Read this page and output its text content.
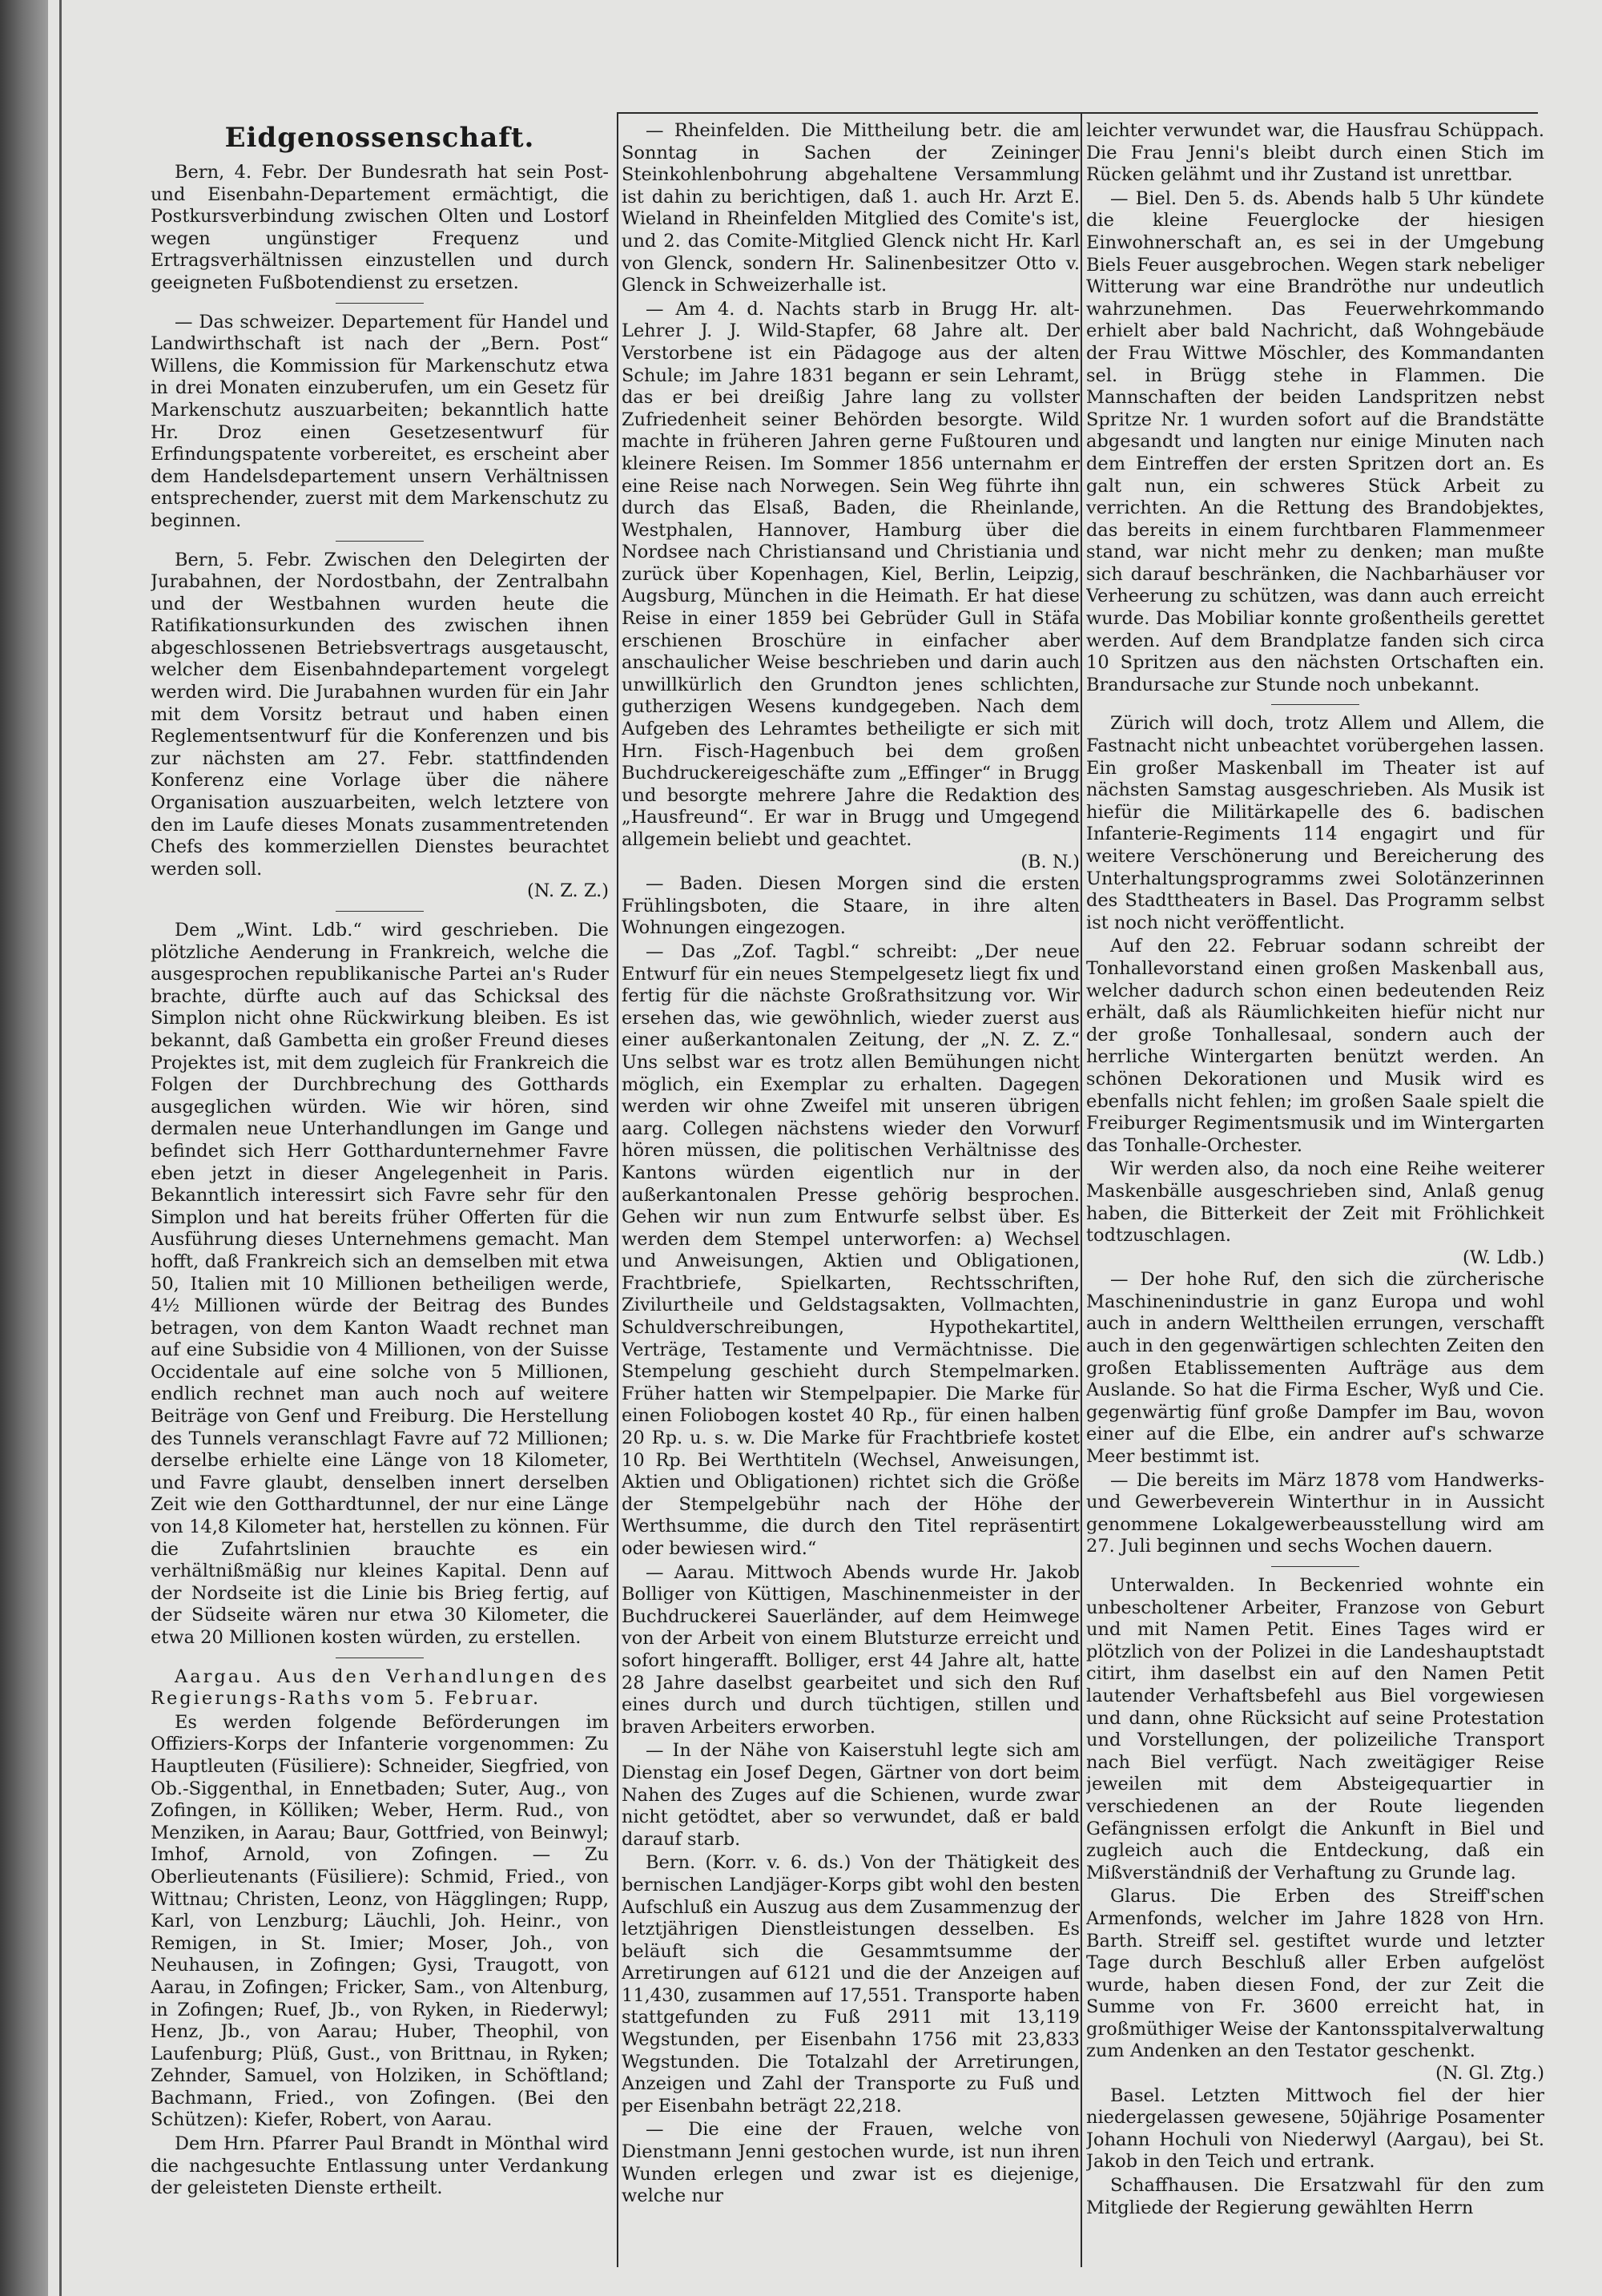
Eidgenossenschaft.

Bern, 4. Febr. Der Bundesrath hat sein Post- und Eisenbahn-Departement ermächtigt, die Postkursverbindung zwischen Olten und Lostorf wegen ungünstiger Frequenz und Ertragsverhältnissen einzustellen und durch geeigneten Fußbotendienst zu ersetzen.

— Das schweizer. Departement für Handel und Landwirthschaft ist nach der „Bern. Post“ Willens, die Kommission für Markenschutz etwa in drei Monaten einzuberufen, um ein Gesetz für Markenschutz auszuarbeiten; bekanntlich hatte Hr. Droz einen Gesetzesentwurf für Erfindungspatente vorbereitet, es erscheint aber dem Handelsdepartement unsern Verhältnissen entsprechender, zuerst mit dem Markenschutz zu beginnen.

Bern, 5. Febr. Zwischen den Delegirten der Jurabahnen, der Nordostbahn, der Zentralbahn und der Westbahnen wurden heute die Ratifikationsurkunden des zwischen ihnen abgeschlossenen Betriebsvertrags ausgetauscht, welcher dem Eisenbahndepartement vorgelegt werden wird. Die Jurabahnen wurden für ein Jahr mit dem Vorsitz betraut und haben einen Reglementsentwurf für die Konferenzen und bis zur nächsten am 27. Febr. stattfindenden Konferenz eine Vorlage über die nähere Organisation auszuarbeiten, welch letztere von den im Laufe dieses Monats zusammentretenden Chefs des kommerziellen Dienstes beurachtet werden soll.

(N. Z. Z.)

Dem „Wint. Ldb.“ wird geschrieben. Die plötzliche Aenderung in Frankreich, welche die ausgesprochen republikanische Partei an's Ruder brachte, dürfte auch auf das Schicksal des Simplon nicht ohne Rückwirkung bleiben. Es ist bekannt, daß Gambetta ein großer Freund dieses Projektes ist, mit dem zugleich für Frankreich die Folgen der Durchbrechung des Gotthards ausgeglichen würden. Wie wir hören, sind dermalen neue Unterhandlungen im Gange und befindet sich Herr Gotthardunternehmer Favre eben jetzt in dieser Angelegenheit in Paris. Bekanntlich interessirt sich Favre sehr für den Simplon und hat bereits früher Offerten für die Ausführung dieses Unternehmens gemacht. Man hofft, daß Frankreich sich an demselben mit etwa 50, Italien mit 10 Millionen betheiligen werde, 4½ Millionen würde der Beitrag des Bundes betragen, von dem Kanton Waadt rechnet man auf eine Subsidie von 4 Millionen, von der Suisse Occidentale auf eine solche von 5 Millionen, endlich rechnet man auch noch auf weitere Beiträge von Genf und Freiburg. Die Herstellung des Tunnels veranschlagt Favre auf 72 Millionen; derselbe erhielte eine Länge von 18 Kilometer, und Favre glaubt, denselben innert derselben Zeit wie den Gotthardtunnel, der nur eine Länge von 14,8 Kilometer hat, herstellen zu können. Für die Zufahrtslinien brauchte es ein verhältnißmäßig nur kleines Kapital. Denn auf der Nordseite ist die Linie bis Brieg fertig, auf der Südseite wären nur etwa 30 Kilometer, die etwa 20 Millionen kosten würden, zu erstellen.

Aargau. Aus den Verhandlungen des Regierungs-Raths vom 5. Februar.

Es werden folgende Beförderungen im Offiziers-Korps der Infanterie vorgenommen: Zu Hauptleuten (Füsiliere): Schneider, Siegfried, von Ob.-Siggenthal, in Ennetbaden; Suter, Aug., von Zofingen, in Kölliken; Weber, Herm. Rud., von Menziken, in Aarau; Baur, Gottfried, von Beinwyl; Imhof, Arnold, von Zofingen. — Zu Oberlieutenants (Füsiliere): Schmid, Fried., von Wittnau; Christen, Leonz, von Hägglingen; Rupp, Karl, von Lenzburg; Läuchli, Joh. Heinr., von Remigen, in St. Imier; Moser, Joh., von Neuhausen, in Zofingen; Gysi, Traugott, von Aarau, in Zofingen; Fricker, Sam., von Altenburg, in Zofingen; Ruef, Jb., von Ryken, in Riederwyl; Henz, Jb., von Aarau; Huber, Theophil, von Laufenburg; Plüß, Gust., von Brittnau, in Ryken; Zehnder, Samuel, von Holziken, in Schöftland; Bachmann, Fried., von Zofingen. (Bei den Schützen): Kiefer, Robert, von Aarau.

Dem Hrn. Pfarrer Paul Brandt in Mönthal wird die nachgesuchte Entlassung unter Verdankung der geleisteten Dienste ertheilt.

— Rheinfelden. Die Mittheilung betr. die am Sonntag in Sachen der Zeininger Steinkohlenbohrung abgehaltene Versammlung ist dahin zu berichtigen, daß 1. auch Hr. Arzt E. Wieland in Rheinfelden Mitglied des Comite's ist, und 2. das Comite-Mitglied Glenck nicht Hr. Karl von Glenck, sondern Hr. Salinenbesitzer Otto v. Glenck in Schweizerhalle ist.

— Am 4. d. Nachts starb in Brugg Hr. alt-Lehrer J. J. Wild-Stapfer, 68 Jahre alt. Der Verstorbene ist ein Pädagoge aus der alten Schule; im Jahre 1831 begann er sein Lehramt, das er bei dreißig Jahre lang zu vollster Zufriedenheit seiner Behörden besorgte. Wild machte in früheren Jahren gerne Fußtouren und kleinere Reisen. Im Sommer 1856 unternahm er eine Reise nach Norwegen. Sein Weg führte ihn durch das Elsaß, Baden, die Rheinlande, Westphalen, Hannover, Hamburg über die Nordsee nach Christiansand und Christiania und zurück über Kopenhagen, Kiel, Berlin, Leipzig, Augsburg, München in die Heimath. Er hat diese Reise in einer 1859 bei Gebrüder Gull in Stäfa erschienen Broschüre in einfacher aber anschaulicher Weise beschrieben und darin auch unwillkürlich den Grundton jenes schlichten, gutherzigen Wesens kundgegeben. Nach dem Aufgeben des Lehramtes betheiligte er sich mit Hrn. Fisch-Hagenbuch bei dem großen Buchdruckereigeschäfte zum „Effinger“ in Brugg und besorgte mehrere Jahre die Redaktion des „Hausfreund“. Er war in Brugg und Umgegend allgemein beliebt und geachtet.

(B. N.)

— Baden. Diesen Morgen sind die ersten Frühlingsboten, die Staare, in ihre alten Wohnungen eingezogen.

— Das „Zof. Tagbl.“ schreibt: „Der neue Entwurf für ein neues Stempelgesetz liegt fix und fertig für die nächste Großrathsitzung vor. Wir ersehen das, wie gewöhnlich, wieder zuerst aus einer außerkantonalen Zeitung, der „N. Z. Z.“ Uns selbst war es trotz allen Bemühungen nicht möglich, ein Exemplar zu erhalten. Dagegen werden wir ohne Zweifel mit unseren übrigen aarg. Collegen nächstens wieder den Vorwurf hören müssen, die politischen Verhältnisse des Kantons würden eigentlich nur in der außerkantonalen Presse gehörig besprochen. Gehen wir nun zum Entwurfe selbst über. Es werden dem Stempel unterworfen: a) Wechsel und Anweisungen, Aktien und Obligationen, Frachtbriefe, Spielkarten, Rechtsschriften, Zivilurtheile und Geldstagsakten, Vollmachten, Schuldverschreibungen, Hypothekartitel, Verträge, Testamente und Vermächtnisse. Die Stempelung geschieht durch Stempelmarken. Früher hatten wir Stempelpapier. Die Marke für einen Foliobogen kostet 40 Rp., für einen halben 20 Rp. u. s. w. Die Marke für Frachtbriefe kostet 10 Rp. Bei Werthtiteln (Wechsel, Anweisungen, Aktien und Obligationen) richtet sich die Größe der Stempelgebühr nach der Höhe der Werthsumme, die durch den Titel repräsentirt oder bewiesen wird.“

— Aarau. Mittwoch Abends wurde Hr. Jakob Bolliger von Küttigen, Maschinenmeister in der Buchdruckerei Sauerländer, auf dem Heimwege von der Arbeit von einem Blutsturze erreicht und sofort hingerafft. Bolliger, erst 44 Jahre alt, hatte 28 Jahre daselbst gearbeitet und sich den Ruf eines durch und durch tüchtigen, stillen und braven Arbeiters erworben.

— In der Nähe von Kaiserstuhl legte sich am Dienstag ein Josef Degen, Gärtner von dort beim Nahen des Zuges auf die Schienen, wurde zwar nicht getödtet, aber so verwundet, daß er bald darauf starb.

Bern. (Korr. v. 6. ds.) Von der Thätigkeit des bernischen Landjäger-Korps gibt wohl den besten Aufschluß ein Auszug aus dem Zusammenzug der letztjährigen Dienstleistungen desselben. Es beläuft sich die Gesammtsumme der Arretirungen auf 6121 und die der Anzeigen auf 11,430, zusammen auf 17,551. Transporte haben stattgefunden zu Fuß 2911 mit 13,119 Wegstunden, per Eisenbahn 1756 mit 23,833 Wegstunden. Die Totalzahl der Arretirungen, Anzeigen und Zahl der Transporte zu Fuß und per Eisenbahn beträgt 22,218.

— Die eine der Frauen, welche von Dienstmann Jenni gestochen wurde, ist nun ihren Wunden erlegen und zwar ist es diejenige, welche nur

leichter verwundet war, die Hausfrau Schüppach. Die Frau Jenni's bleibt durch einen Stich im Rücken gelähmt und ihr Zustand ist unrettbar.

— Biel. Den 5. ds. Abends halb 5 Uhr kündete die kleine Feuerglocke der hiesigen Einwohnerschaft an, es sei in der Umgebung Biels Feuer ausgebrochen. Wegen stark nebeliger Witterung war eine Brandröthe nur undeutlich wahrzunehmen. Das Feuerwehrkommando erhielt aber bald Nachricht, daß Wohngebäude der Frau Wittwe Möschler, des Kommandanten sel. in Brügg stehe in Flammen. Die Mannschaften der beiden Landspritzen nebst Spritze Nr. 1 wurden sofort auf die Brandstätte abgesandt und langten nur einige Minuten nach dem Eintreffen der ersten Spritzen dort an. Es galt nun, ein schweres Stück Arbeit zu verrichten. An die Rettung des Brandobjektes, das bereits in einem furchtbaren Flammenmeer stand, war nicht mehr zu denken; man mußte sich darauf beschränken, die Nachbarhäuser vor Verheerung zu schützen, was dann auch erreicht wurde. Das Mobiliar konnte großentheils gerettet werden. Auf dem Brandplatze fanden sich circa 10 Spritzen aus den nächsten Ortschaften ein. Brandursache zur Stunde noch unbekannt.

Zürich will doch, trotz Allem und Allem, die Fastnacht nicht unbeachtet vorübergehen lassen. Ein großer Maskenball im Theater ist auf nächsten Samstag ausgeschrieben. Als Musik ist hiefür die Militärkapelle des 6. badischen Infanterie-Regiments 114 engagirt und für weitere Verschönerung und Bereicherung des Unterhaltungsprogramms zwei Solotänzerinnen des Stadttheaters in Basel. Das Programm selbst ist noch nicht veröffentlicht.

Auf den 22. Februar sodann schreibt der Tonhallevorstand einen großen Maskenball aus, welcher dadurch schon einen bedeutenden Reiz erhält, daß als Räumlichkeiten hiefür nicht nur der große Tonhallesaal, sondern auch der herrliche Wintergarten benützt werden. An schönen Dekorationen und Musik wird es ebenfalls nicht fehlen; im großen Saale spielt die Freiburger Regimentsmusik und im Wintergarten das Tonhalle-Orchester.

Wir werden also, da noch eine Reihe weiterer Maskenbälle ausgeschrieben sind, Anlaß genug haben, die Bitterkeit der Zeit mit Fröhlichkeit todtzuschlagen.

(W. Ldb.)

— Der hohe Ruf, den sich die zürcherische Maschinenindustrie in ganz Europa und wohl auch in andern Welttheilen errungen, verschafft auch in den gegenwärtigen schlechten Zeiten den großen Etablissementen Aufträge aus dem Auslande. So hat die Firma Escher, Wyß und Cie. gegenwärtig fünf große Dampfer im Bau, wovon einer auf die Elbe, ein andrer auf's schwarze Meer bestimmt ist.

— Die bereits im März 1878 vom Handwerks- und Gewerbeverein Winterthur in in Aussicht genommene Lokalgewerbeausstellung wird am 27. Juli beginnen und sechs Wochen dauern.

Unterwalden. In Beckenried wohnte ein unbescholtener Arbeiter, Franzose von Geburt und mit Namen Petit. Eines Tages wird er plötzlich von der Polizei in die Landeshauptstadt citirt, ihm daselbst ein auf den Namen Petit lautender Verhaftsbefehl aus Biel vorgewiesen und dann, ohne Rücksicht auf seine Protestation und Vorstellungen, der polizeiliche Transport nach Biel verfügt. Nach zweitägiger Reise jeweilen mit dem Absteigequartier in verschiedenen an der Route liegenden Gefängnissen erfolgt die Ankunft in Biel und zugleich auch die Entdeckung, daß ein Mißverständniß der Verhaftung zu Grunde lag.

Glarus. Die Erben des Streiff'schen Armenfonds, welcher im Jahre 1828 von Hrn. Barth. Streiff sel. gestiftet wurde und letzter Tage durch Beschluß aller Erben aufgelöst wurde, haben diesen Fond, der zur Zeit die Summe von Fr. 3600 erreicht hat, in großmüthiger Weise der Kantonsspitalverwaltung zum Andenken an den Testator geschenkt.

(N. Gl. Ztg.)

Basel. Letzten Mittwoch fiel der hier niedergelassen gewesene, 50jährige Posamenter Johann Hochuli von Niederwyl (Aargau), bei St. Jakob in den Teich und ertrank.

Schaffhausen. Die Ersatzwahl für den zum Mitgliede der Regierung gewählten Herrn
